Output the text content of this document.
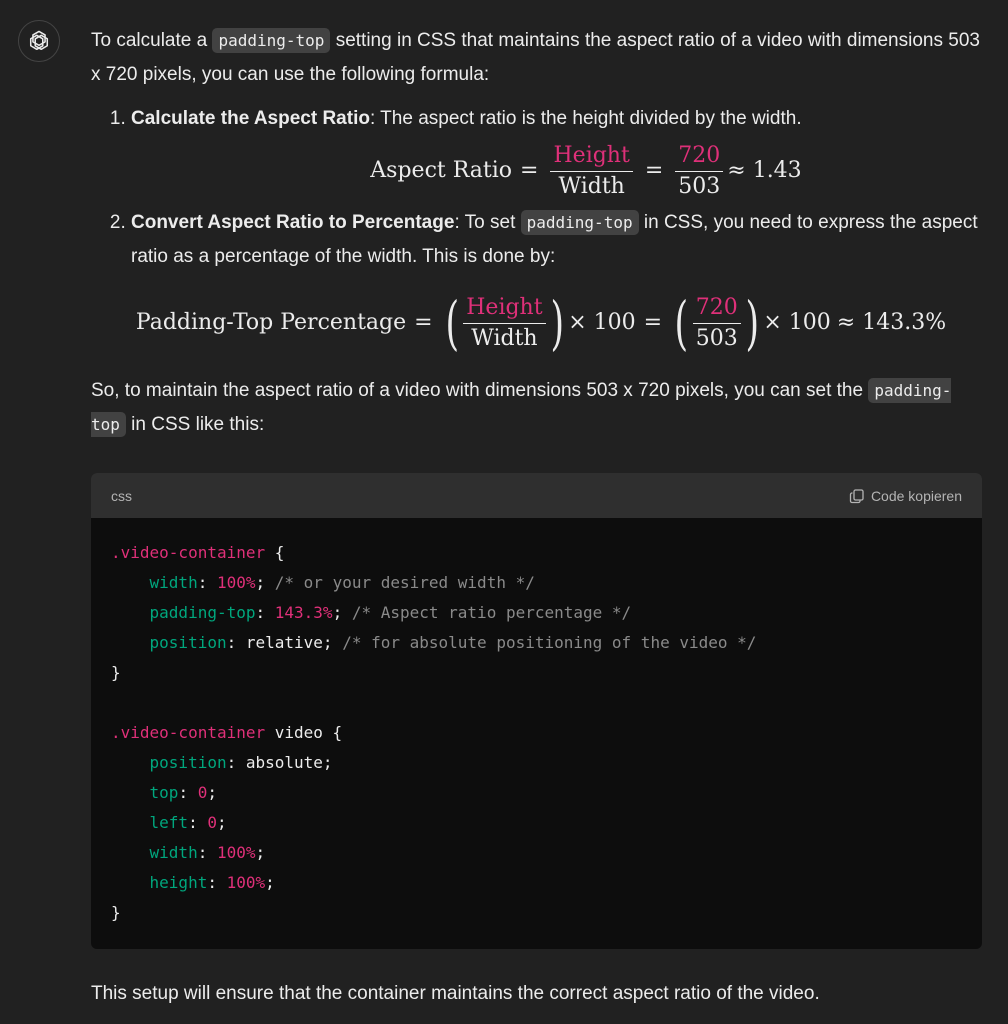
To calculate a padding-top setting in CSS that maintains the aspect ratio of a video with dimensions 503 x 720 pixels, you can use the following formula:

1. Calculate the Aspect Ratio: The aspect ratio is the height divided by the width.
Aspect Ratio = $\frac{\text{Height}}{\text{Width}} = \frac{720}{503} \approx 1.43$
2. Convert Aspect Ratio to Percentage: To set padding-top in CSS, you need to express the aspect ratio as a percentage of the width. This is done by:
Padding-Top Percentage = ( $\frac{\text{Height}}{\text{Width}}$ ) × 100 = ( $\frac{720}{503}$ ) × 100 ≈ 143.3%

So, to maintain the aspect ratio of a video with dimensions 503 x 720 pixels, you can set the padding-top in CSS like this:

css	Code kopieren
.video-container {
width: 100%; /* or your desired width */
padding-top: 143.3%; /* Aspect ratio percentage */
position: relative; /* for absolute positioning of the video */
}

.video-container video {
position: absolute;
top: 0;
left: 0;
width: 100%;
height: 100%;
}

This setup will ensure that the container maintains the correct aspect ratio of the video.
